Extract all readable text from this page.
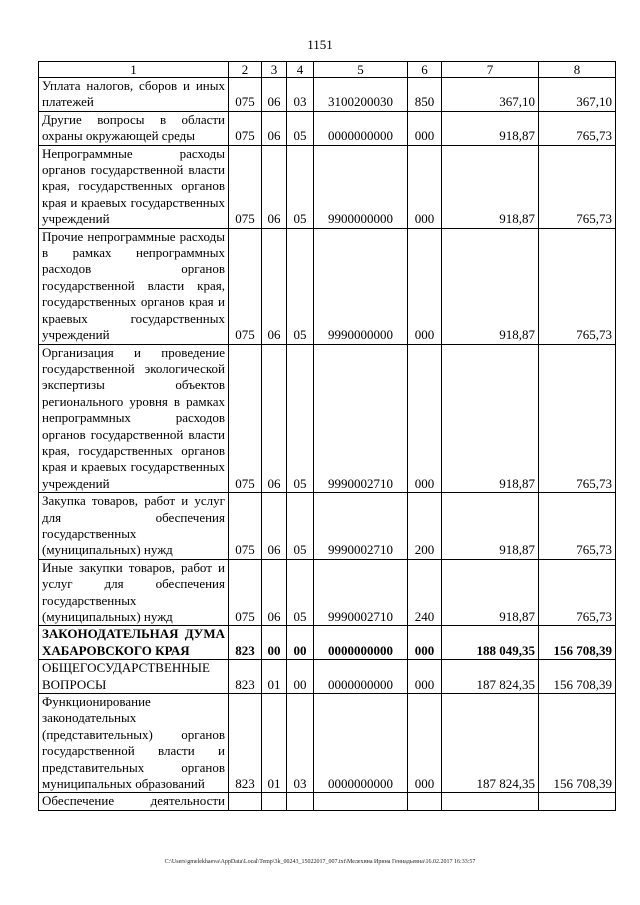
1151
1	2	3	4	5	6	7	8
Уплата налогов, сборов и иных платежей	075	06	03	3100200030	850	367,10	367,10
Другие вопросы в области охраны окружающей среды	075	06	05	0000000000	000	918,87	765,73
Непрограммные расходы органов государственной власти края, государственных органов края и краевых государственных учреждений	075	06	05	9900000000	000	918,87	765,73
Прочие непрограммные расходы в рамках непрограммных расходов органов государственной власти края, государственных органов края и краевых государственных учреждений	075	06	05	9990000000	000	918,87	765,73
Организация и проведение государственной экологической экспертизы объектов регионального уровня в рамках непрограммных расходов органов государственной власти края, государственных органов края и краевых государственных учреждений	075	06	05	9990002710	000	918,87	765,73
Закупка товаров, работ и услуг для обеспечения государственных (муниципальных) нужд	075	06	05	9990002710	200	918,87	765,73
Иные закупки товаров, работ и услуг для обеспечения государственных (муниципальных) нужд	075	06	05	9990002710	240	918,87	765,73
ЗАКОНОДАТЕЛЬНАЯ ДУМА ХАБАРОВСКОГО КРАЯ	823	00	00	0000000000	000	188 049,35	156 708,39
ОБЩЕГОСУДАРСТВЕННЫЕ ВОПРОСЫ	823	01	00	0000000000	000	187 824,35	156 708,39
Функционирование законодательных (представительных) органов государственной власти и представительных органов муниципальных образований	823	01	03	0000000000	000	187 824,35	156 708,39
Обеспечение деятельности							
C:\Users\gmelekhaeva\AppData\Local\Temp\3k_00243_15022017_007.txt\Мелехина Ирина Геннадьевна\16.02.2017 16:33:57
